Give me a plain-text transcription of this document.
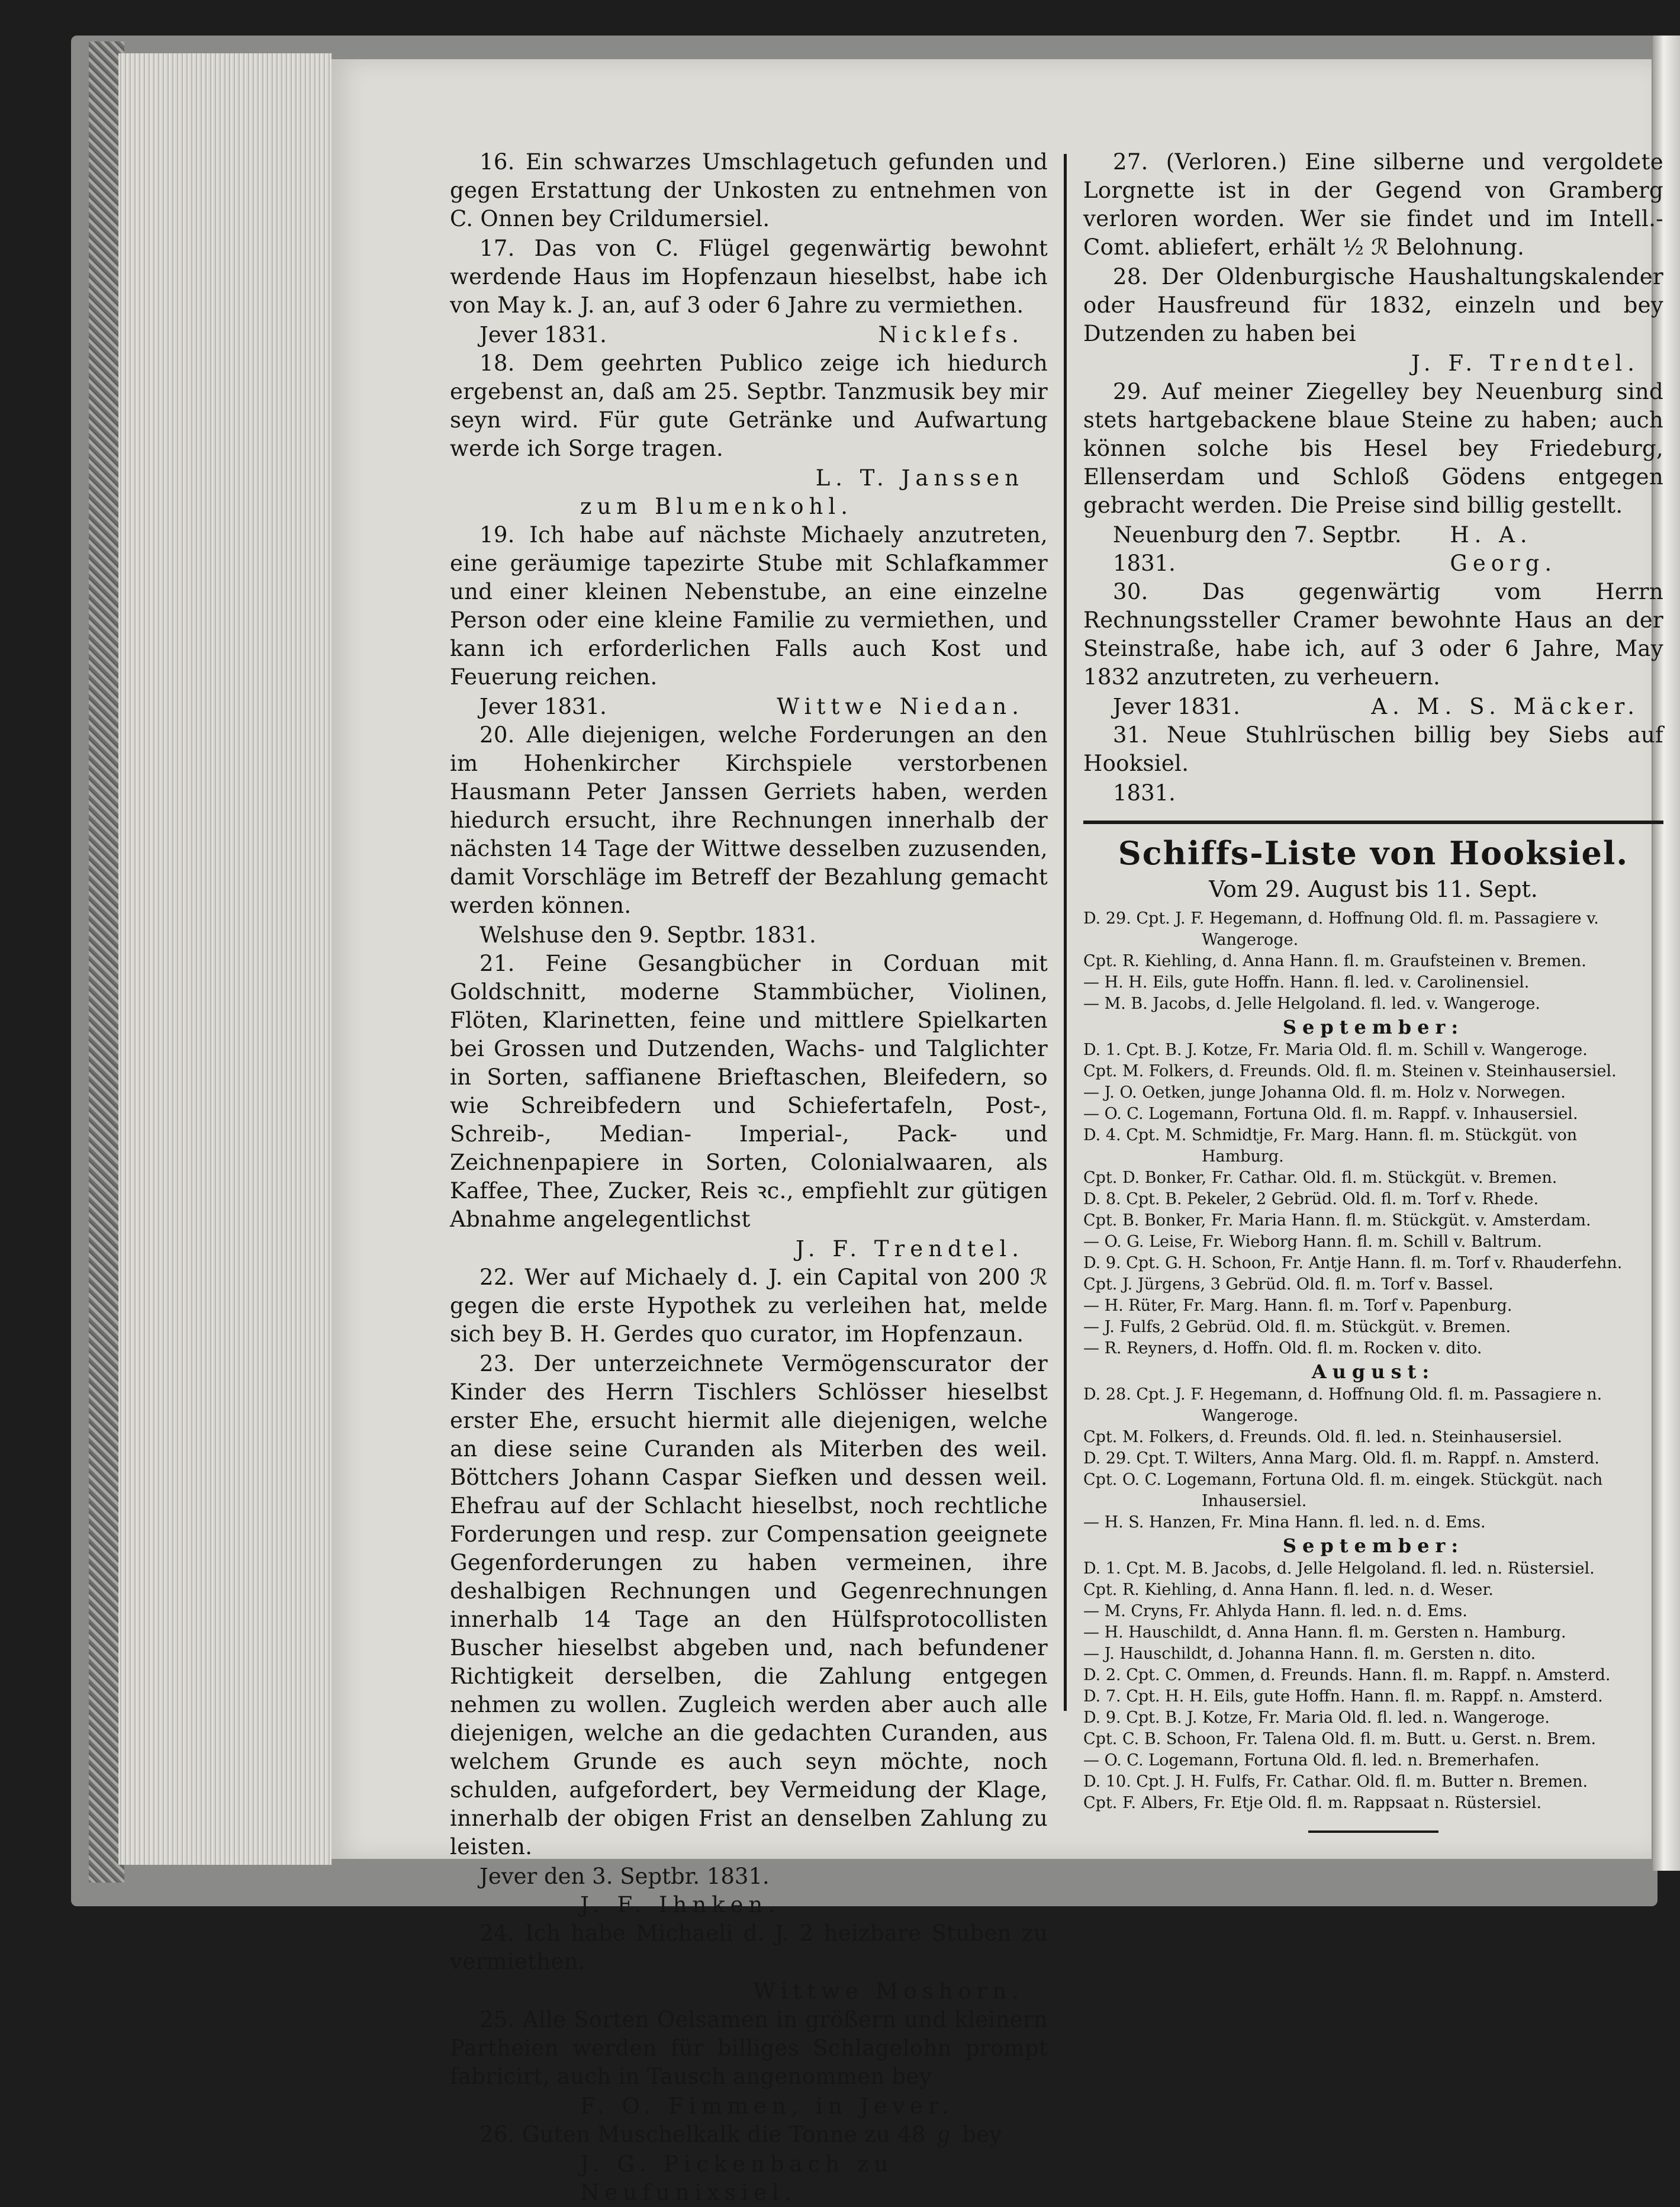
16. Ein schwarzes Umschlagetuch gefunden und gegen Erstattung der Unkosten zu entnehmen von C. Onnen bey Crildumersiel.

17. Das von C. Flügel gegenwärtig bewohnt werdende Haus im Hopfenzaun hieselbst, habe ich von May k. J. an, auf 3 oder 6 Jahre zu vermiethen.

Jever 1831.	Nicklefs.

18. Dem geehrten Publico zeige ich hiedurch ergebenst an, daß am 25. Septbr. Tanzmusik bey mir seyn wird. Für gute Getränke und Aufwartung werde ich Sorge tragen.

L. T. Janssen
zum Blumenkohl.

19. Ich habe auf nächste Michaely anzutreten, eine geräumige tapezirte Stube mit Schlafkammer und einer kleinen Nebenstube, an eine einzelne Person oder eine kleine Familie zu vermiethen, und kann ich erforderlichen Falls auch Kost und Feuerung reichen.

Jever 1831.	Wittwe Niedan.

20. Alle diejenigen, welche Forderungen an den im Hohenkircher Kirchspiele verstorbenen Hausmann Peter Janssen Gerriets haben, werden hiedurch ersucht, ihre Rechnungen innerhalb der nächsten 14 Tage der Wittwe desselben zuzusenden, damit Vorschläge im Betreff der Bezahlung gemacht werden können.

Welshuse den 9. Septbr. 1831.

21. Feine Gesangbücher in Corduan mit Goldschnitt, moderne Stammbücher, Violinen, Flöten, Klarinetten, feine und mittlere Spielkarten bei Grossen und Dutzenden, Wachs- und Talglichter in Sorten, saffianene Brieftaschen, Bleifedern, so wie Schreibfedern und Schiefertafeln, Post-, Schreib-, Median- Imperial-, Pack- und Zeichnenpapiere in Sorten, Colonialwaaren, als Kaffee, Thee, Zucker, Reis ꝛc., empfiehlt zur gütigen Abnahme angelegentlichst

J. F. Trendtel.

22. Wer auf Michaely d. J. ein Capital von 200 ℛ gegen die erste Hypothek zu verleihen hat, melde sich bey B. H. Gerdes quo curator, im Hopfenzaun.

23. Der unterzeichnete Vermögenscurator der Kinder des Herrn Tischlers Schlösser hieselbst erster Ehe, ersucht hiermit alle diejenigen, welche an diese seine Curanden als Miterben des weil. Böttchers Johann Caspar Siefken und dessen weil. Ehefrau auf der Schlacht hieselbst, noch rechtliche Forderungen und resp. zur Compensation geeignete Gegenforderungen zu haben vermeinen, ihre deshalbigen Rechnungen und Gegenrechnungen innerhalb 14 Tage an den Hülfsprotocollisten Buscher hieselbst abgeben und, nach befundener Richtigkeit derselben, die Zahlung entgegen nehmen zu wollen. Zugleich werden aber auch alle diejenigen, welche an die gedachten Curanden, aus welchem Grunde es auch seyn möchte, noch schulden, aufgefordert, bey Vermeidung der Klage, innerhalb der obigen Frist an denselben Zahlung zu leisten.

Jever den 3. Septbr. 1831.
J. F. Ihnken.

24. Ich habe Michaeli d. J. 2 heizbare Stuben zu vermiethen.

Wittwe Moshorn.

25. Alle Sorten Oelsamen in größern und kleinern Partheien werden für billiges Schlagelohn prompt fabricirt, auch in Tausch angenommen bey

F. O. Fimmen, in Jever.

26. Guten Muschelkalk die Tonne zu 48 ℊ bey

J. G. Pickenbach zu Neufunixsiel.

27. (Verloren.) Eine silberne und vergoldete Lorgnette ist in der Gegend von Gramberg verloren worden. Wer sie findet und im Intell.-Comt. abliefert, erhält ½ ℛ Belohnung.

28. Der Oldenburgische Haushaltungskalender oder Hausfreund für 1832, einzeln und bey Dutzenden zu haben bei

J. F. Trendtel.

29. Auf meiner Ziegelley bey Neuenburg sind stets hartgebackene blaue Steine zu haben; auch können solche bis Hesel bey Friedeburg, Ellenserdam und Schloß Gödens entgegen gebracht werden. Die Preise sind billig gestellt.

Neuenburg den 7. Septbr. 1831.
H. A. Georg.

30. Das gegenwärtig vom Herrn Rechnungssteller Cramer bewohnte Haus an der Steinstraße, habe ich, auf 3 oder 6 Jahre, May 1832 anzutreten, zu verheuern.

Jever 1831.	A. M. S. Mäcker.

31. Neue Stuhlrüschen billig bey Siebs auf Hooksiel.

1831.
Schiffs-Liste von Hooksiel.
Vom 29. August bis 11. Sept.
D. 29. Cpt. J. F. Hegemann, d. Hoffnung Old. fl. m. Passagiere v.
Wangeroge.
Cpt. R. Kiehling, d. Anna Hann. fl. m. Graufsteinen v. Bremen.
— H. H. Eils, gute Hoffn. Hann. fl. led. v. Carolinensiel.
— M. B. Jacobs, d. Jelle Helgoland. fl. led. v. Wangeroge.
September:
D. 1. Cpt. B. J. Kotze, Fr. Maria Old. fl. m. Schill v. Wangeroge.
Cpt. M. Folkers, d. Freunds. Old. fl. m. Steinen v. Steinhausersiel.
— J. O. Oetken, junge Johanna Old. fl. m. Holz v. Norwegen.
— O. C. Logemann, Fortuna Old. fl. m. Rappf. v. Inhausersiel.
D. 4. Cpt. M. Schmidtje, Fr. Marg. Hann. fl. m. Stückgüt. von
Hamburg.
Cpt. D. Bonker, Fr. Cathar. Old. fl. m. Stückgüt. v. Bremen.
D. 8. Cpt. B. Pekeler, 2 Gebrüd. Old. fl. m. Torf v. Rhede.
Cpt. B. Bonker, Fr. Maria Hann. fl. m. Stückgüt. v. Amsterdam.
— O. G. Leise, Fr. Wieborg Hann. fl. m. Schill v. Baltrum.
D. 9. Cpt. G. H. Schoon, Fr. Antje Hann. fl. m. Torf v. Rhauderfehn.
Cpt. J. Jürgens, 3 Gebrüd. Old. fl. m. Torf v. Bassel.
— H. Rüter, Fr. Marg. Hann. fl. m. Torf v. Papenburg.
— J. Fulfs, 2 Gebrüd. Old. fl. m. Stückgüt. v. Bremen.
— R. Reyners, d. Hoffn. Old. fl. m. Rocken v. dito.
August:
D. 28. Cpt. J. F. Hegemann, d. Hoffnung Old. fl. m. Passagiere n.
Wangeroge.
Cpt. M. Folkers, d. Freunds. Old. fl. led. n. Steinhausersiel.
D. 29. Cpt. T. Wilters, Anna Marg. Old. fl. m. Rappf. n. Amsterd.
Cpt. O. C. Logemann, Fortuna Old. fl. m. eingek. Stückgüt. nach
Inhausersiel.
— H. S. Hanzen, Fr. Mina Hann. fl. led. n. d. Ems.
September:
D. 1. Cpt. M. B. Jacobs, d. Jelle Helgoland. fl. led. n. Rüstersiel.
Cpt. R. Kiehling, d. Anna Hann. fl. led. n. d. Weser.
— M. Cryns, Fr. Ahlyda Hann. fl. led. n. d. Ems.
— H. Hauschildt, d. Anna Hann. fl. m. Gersten n. Hamburg.
— J. Hauschildt, d. Johanna Hann. fl. m. Gersten n. dito.
D. 2. Cpt. C. Ommen, d. Freunds. Hann. fl. m. Rappf. n. Amsterd.
D. 7. Cpt. H. H. Eils, gute Hoffn. Hann. fl. m. Rappf. n. Amsterd.
D. 9. Cpt. B. J. Kotze, Fr. Maria Old. fl. led. n. Wangeroge.
Cpt. C. B. Schoon, Fr. Talena Old. fl. m. Butt. u. Gerst. n. Brem.
— O. C. Logemann, Fortuna Old. fl. led. n. Bremerhafen.
D. 10. Cpt. J. H. Fulfs, Fr. Cathar. Old. fl. m. Butter n. Bremen.
Cpt. F. Albers, Fr. Etje Old. fl. m. Rappsaat n. Rüstersiel.
